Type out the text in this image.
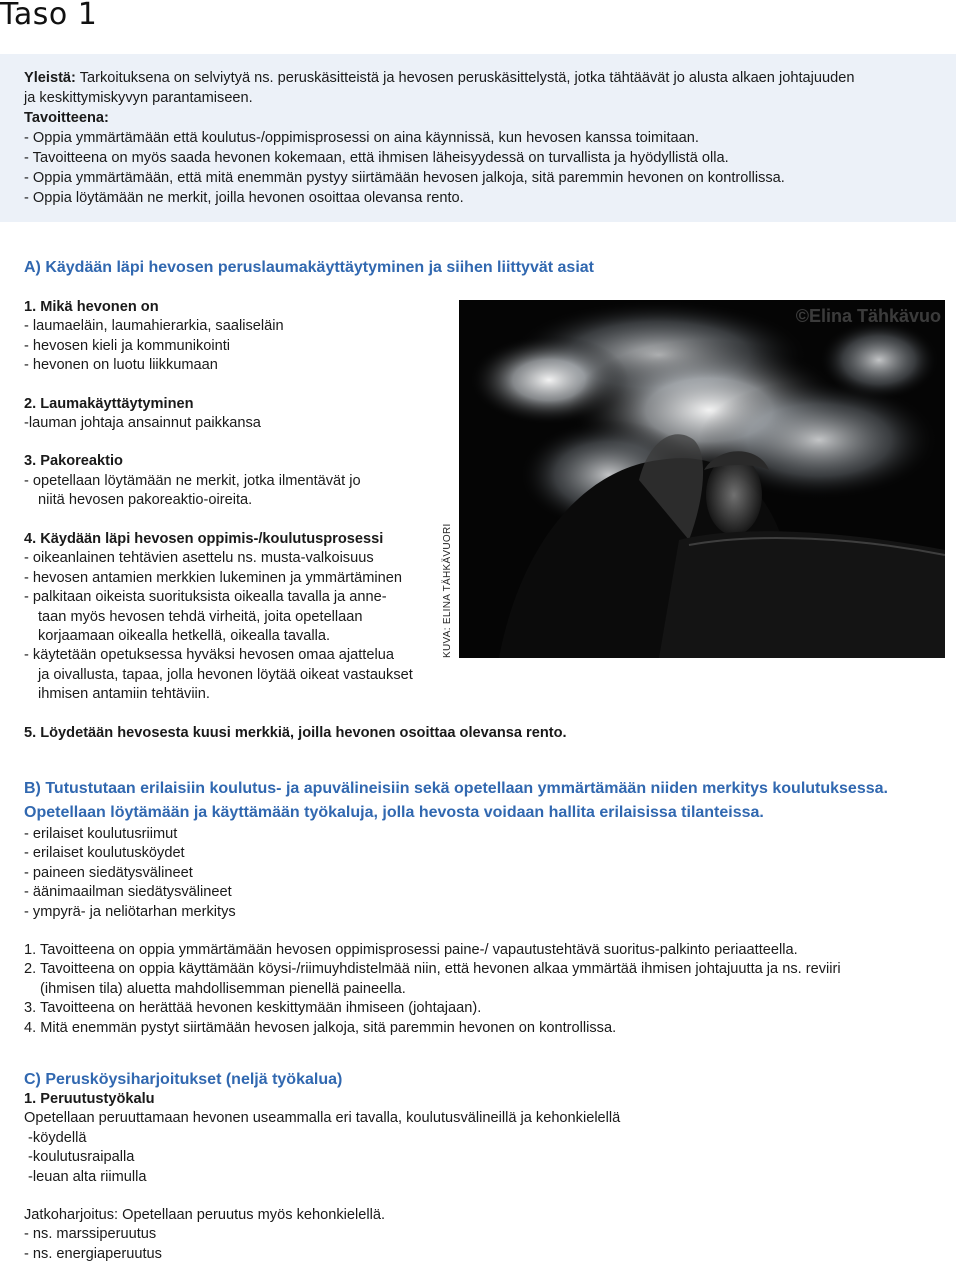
Taso 1
Yleistä: Tarkoituksena on selviytyä ns. peruskäsitteistä ja hevosen peruskäsittelystä, jotka tähtäävät jo alusta alkaen johtajuuden
ja keskittymiskyvyn parantamiseen.
Tavoitteena:
- Oppia ymmärtämään että koulutus-/oppimisprosessi on aina käynnissä, kun hevosen kanssa toimitaan.
- Tavoitteena on myös saada hevonen kokemaan, että ihmisen läheisyydessä on turvallista ja hyödyllistä olla.
- Oppia ymmärtämään, että mitä enemmän pystyy siirtämään hevosen jalkoja, sitä paremmin hevonen on kontrollissa.
- Oppia löytämään ne merkit, joilla hevonen osoittaa olevansa rento.
A) Käydään läpi hevosen peruslaumakäyttäytyminen ja siihen liittyvät asiat
1. Mikä hevonen on
- laumaeläin, laumahierarkia, saaliseläin
- hevosen kieli ja kommunikointi
- hevonen on luotu liikkumaan
2. Laumakäyttäytyminen
-lauman johtaja ansainnut paikkansa
3. Pakoreaktio
- opetellaan löytämään ne merkit, jotka ilmentävät jo
niitä hevosen pakoreaktio-oireita.
4. Käydään läpi hevosen oppimis-/koulutusprosessi
- oikeanlainen tehtävien asettelu ns. musta-valkoisuus
- hevosen antamien merkkien lukeminen ja ymmärtäminen
- palkitaan oikeista suorituksista oikealla tavalla ja anne-
taan myös hevosen tehdä virheitä, joita opetellaan
korjaamaan oikealla hetkellä, oikealla tavalla.
- käytetään opetuksessa hyväksi hevosen omaa ajattelua
ja oivallusta, tapaa, jolla hevonen löytää oikeat vastaukset
ihmisen antamiin tehtäviin.
5. Löydetään hevosesta kuusi merkkiä, joilla hevonen osoittaa olevansa rento.
©Elina Tähkävuo
KUVA: ELINA TÄHKÄVUORI
B) Tutustutaan erilaisiin koulutus- ja apuvälineisiin sekä opetellaan ymmärtämään niiden merkitys koulutuksessa.
Opetellaan löytämään ja käyttämään työkaluja, jolla hevosta voidaan hallita erilaisissa tilanteissa.
- erilaiset koulutusriimut
- erilaiset koulutusköydet
- paineen siedätysvälineet
- äänimaailman siedätysvälineet
- ympyrä- ja neliötarhan merkitys
1. Tavoitteena on oppia ymmärtämään hevosen oppimisprosessi paine-/ vapautustehtävä suoritus-palkinto periaatteella.
2. Tavoitteena on oppia käyttämään köysi-/riimuyhdistelmää niin, että hevonen alkaa ymmärtää ihmisen johtajuutta ja ns. reviiri
(ihmisen tila) aluetta mahdollisemman pienellä paineella.
3. Tavoitteena on herättää hevonen keskittymään ihmiseen (johtajaan).
4. Mitä enemmän pystyt siirtämään hevosen jalkoja, sitä paremmin hevonen on kontrollissa.
C) Perusköysiharjoitukset (neljä työkalua)
1. Peruutustyökalu
Opetellaan peruuttamaan hevonen useammalla eri tavalla, koulutusvälineillä ja kehonkielellä
-köydellä
-koulutusraipalla
-leuan alta riimulla
Jatkoharjoitus: Opetellaan peruutus myös kehonkielellä.
- ns. marssiperuutus
- ns. energiaperuutus
